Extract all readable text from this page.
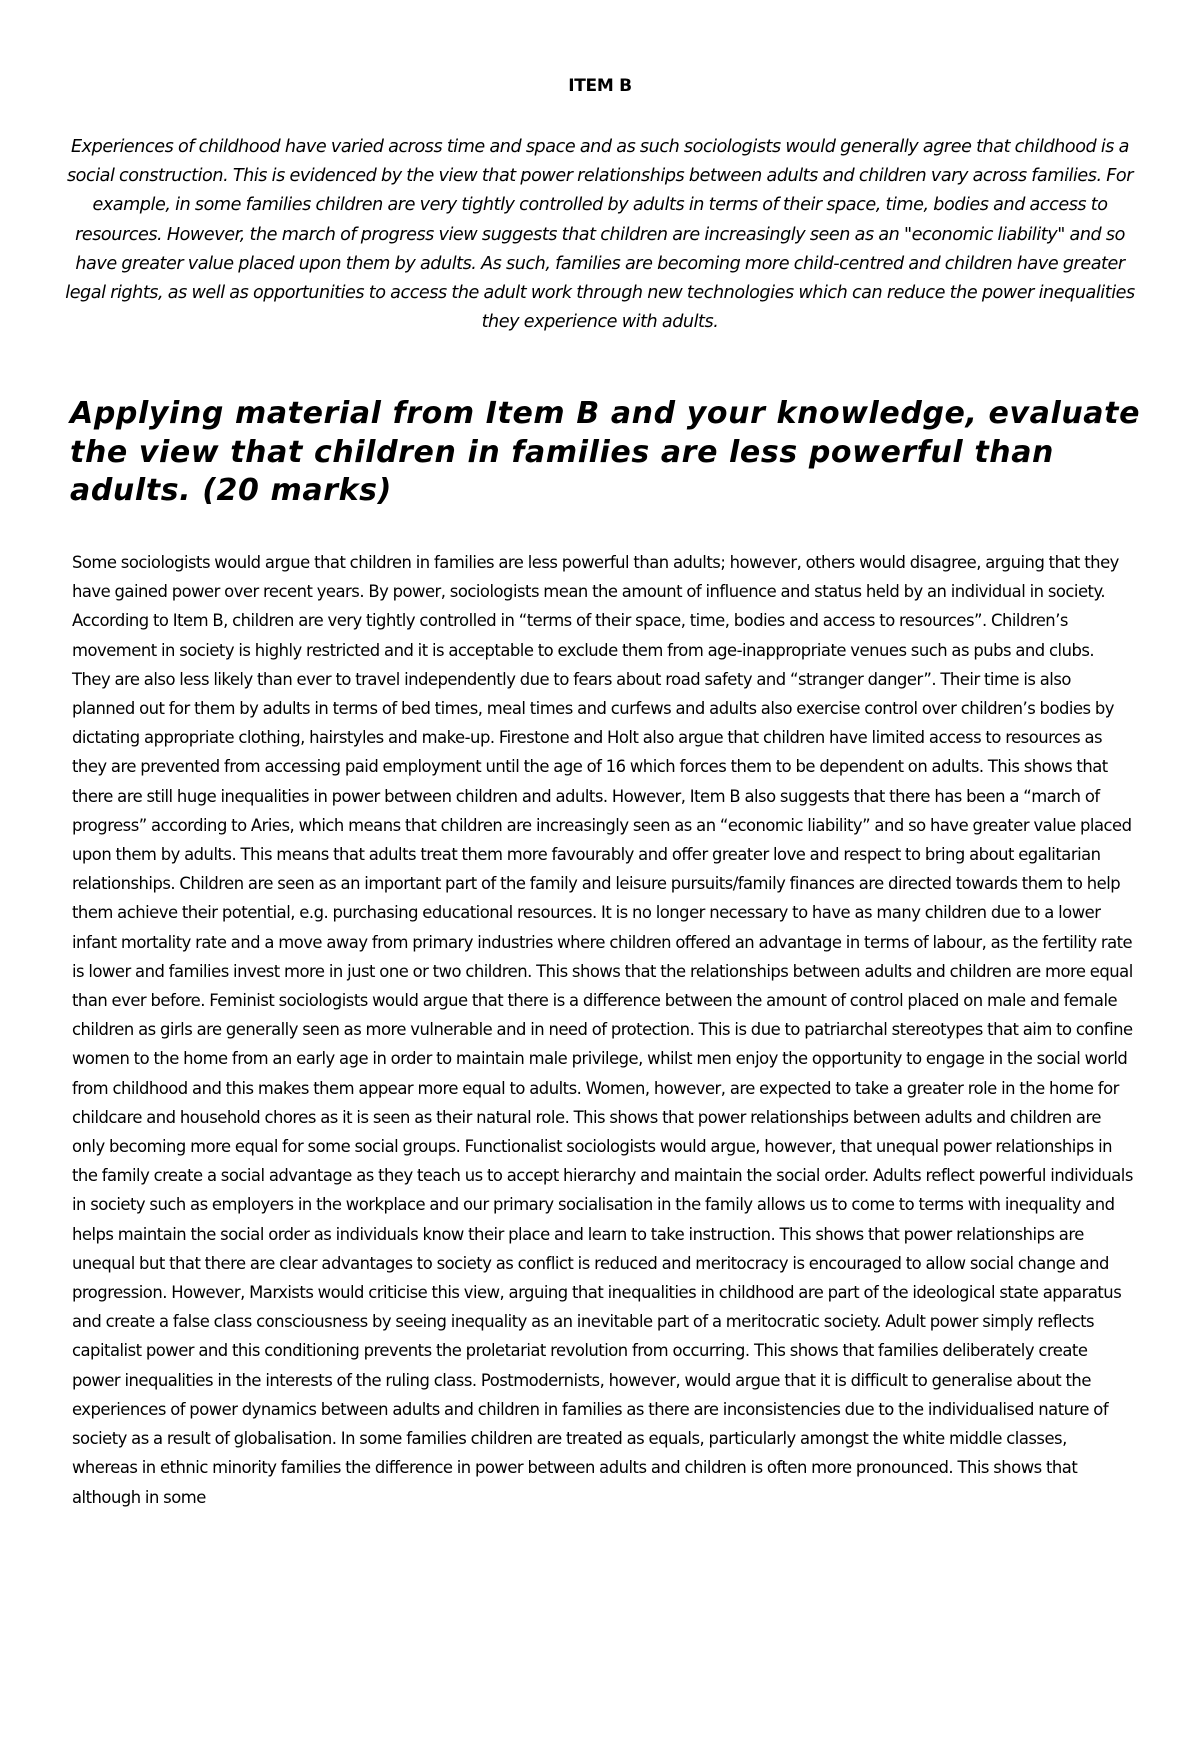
ITEM B
Experiences of childhood have varied across time and space and as such sociologists would generally agree that childhood is a social construction. This is evidenced by the view that power relationships between adults and children vary across families. For example, in some families children are very tightly controlled by adults in terms of their space, time, bodies and access to resources. However, the march of progress view suggests that children are increasingly seen as an "economic liability" and so have greater value placed upon them by adults. As such, families are becoming more child-centred and children have greater legal rights, as well as opportunities to access the adult work through new technologies which can reduce the power inequalities they experience with adults.
Applying material from Item B and your knowledge, evaluate the view that children in families are less powerful than adults. (20 marks)

Some sociologists would argue that children in families are less powerful than adults; however, others would disagree, arguing that they have gained power over recent years. By power, sociologists mean the amount of influence and status held by an individual in society. According to Item B, children are very tightly controlled in “terms of their space, time, bodies and access to resources”. Children’s movement in society is highly restricted and it is acceptable to exclude them from age-inappropriate venues such as pubs and clubs. They are also less likely than ever to travel independently due to fears about road safety and “stranger danger”. Their time is also planned out for them by adults in terms of bed times, meal times and curfews and adults also exercise control over children’s bodies by dictating appropriate clothing, hairstyles and make-up. Firestone and Holt also argue that children have limited access to resources as they are prevented from accessing paid employment until the age of 16 which forces them to be dependent on adults. This shows that there are still huge inequalities in power between children and adults. However, Item B also suggests that there has been a “march of progress” according to Aries, which means that children are increasingly seen as an “economic liability” and so have greater value placed upon them by adults. This means that adults treat them more favourably and offer greater love and respect to bring about egalitarian relationships. Children are seen as an important part of the family and leisure pursuits/family finances are directed towards them to help them achieve their potential, e.g. purchasing educational resources. It is no longer necessary to have as many children due to a lower infant mortality rate and a move away from primary industries where children offered an advantage in terms of labour, as the fertility rate is lower and families invest more in just one or two children. This shows that the relationships between adults and children are more equal than ever before. Feminist sociologists would argue that there is a difference between the amount of control placed on male and female children as girls are generally seen as more vulnerable and in need of protection. This is due to patriarchal stereotypes that aim to confine women to the home from an early age in order to maintain male privilege, whilst men enjoy the opportunity to engage in the social world from childhood and this makes them appear more equal to adults. Women, however, are expected to take a greater role in the home for childcare and household chores as it is seen as their natural role. This shows that power relationships between adults and children are only becoming more equal for some social groups. Functionalist sociologists would argue, however, that unequal power relationships in the family create a social advantage as they teach us to accept hierarchy and maintain the social order. Adults reflect powerful individuals in society such as employers in the workplace and our primary socialisation in the family allows us to come to terms with inequality and helps maintain the social order as individuals know their place and learn to take instruction. This shows that power relationships are unequal but that there are clear advantages to society as conflict is reduced and meritocracy is encouraged to allow social change and progression. However, Marxists would criticise this view, arguing that inequalities in childhood are part of the ideological state apparatus and create a false class consciousness by seeing inequality as an inevitable part of a meritocratic society. Adult power simply reflects capitalist power and this conditioning prevents the proletariat revolution from occurring. This shows that families deliberately create power inequalities in the interests of the ruling class. Postmodernists, however, would argue that it is difficult to generalise about the experiences of power dynamics between adults and children in families as there are inconsistencies due to the individualised nature of society as a result of globalisation. In some families children are treated as equals, particularly amongst the white middle classes, whereas in ethnic minority families the difference in power between adults and children is often more pronounced. This shows that although in some
